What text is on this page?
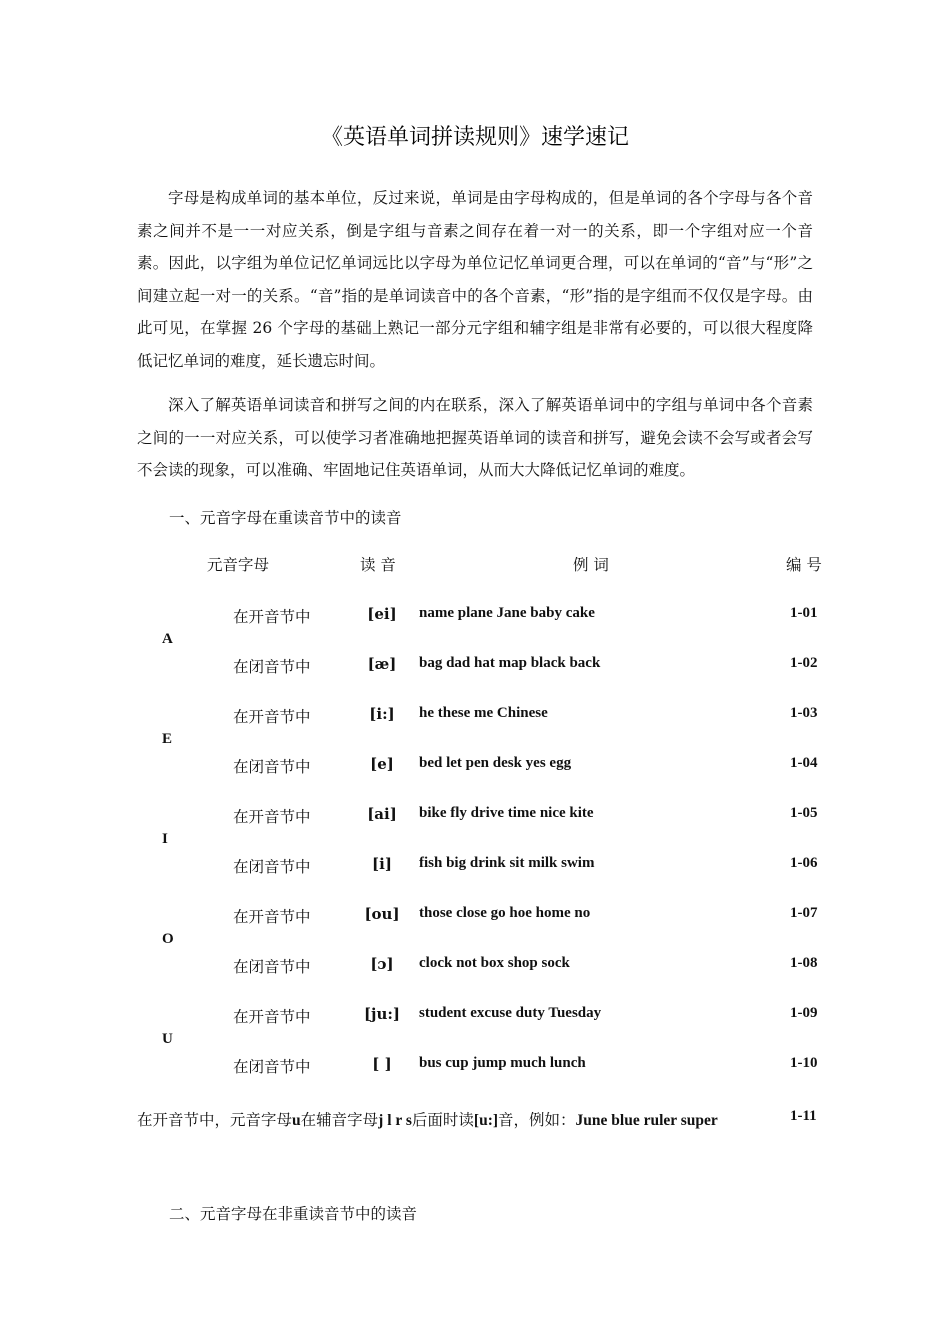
《英语单词拼读规则》速学速记

字母是构成单词的基本单位，反过来说，单词是由字母构成的，但是单词的各个字母与各个音素之间并不是一一对应关系，倒是字组与音素之间存在着一对一的关系，即一个字组对应一个音素。因此，以字组为单位记忆单词远比以字母为单位记忆单词更合理，可以在单词的“音”与“形”之间建立起一对一的关系。“音”指的是单词读音中的各个音素，“形”指的是字组而不仅仅是字母。由此可见，在掌握 26 个字母的基础上熟记一部分元字组和辅字组是非常有必要的，可以很大程度降低记忆单词的难度，延长遗忘时间。

深入了解英语单词读音和拼写之间的内在联系，深入了解英语单词中的字组与单词中各个音素之间的一一对应关系，可以使学习者准确地把握英语单词的读音和拼写，避免会读不会写或者会写不会读的现象，可以准确、牢固地记住英语单词，从而大大降低记忆单词的难度。

一、元音字母在重读音节中的读音
元音字母	读 音	例 词	编 号
A
在开音节中	[ei] name plane Jane baby cake	1-01
在闭音节中	[æ]	bag dad hat map black back	1-02
E
在开音节中	[i:]	he these me Chinese	1-03
在闭音节中	[e]	bed let pen desk yes egg	1-04
I
在开音节中	[ai] bike fly drive time nice kite	1-05
在闭音节中	[i]	fish big drink sit milk swim	1-06
O
在开音节中	[ou] those close go hoe home no	1-07
在闭音节中	[ɔ]	clock not box shop sock	1-08
U
在开音节中	[ju:] student excuse duty Tuesday	1-09
在闭音节中	[ ]	bus cup jump much lunch	1-10
在开音节中，元音字母u在辅音字母j l r s后面时读[u:]音，例如：June blue ruler super	1-11
二、元音字母在非重读音节中的读音
